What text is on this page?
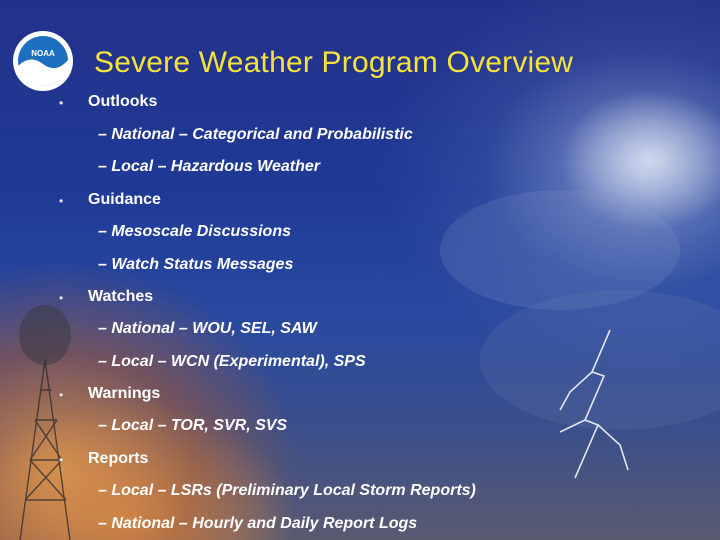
NOAA Severe Weather Program Overview
• Outlooks
– National – Categorical and Probabilistic
– Local – Hazardous Weather
• Guidance
– Mesoscale Discussions
– Watch Status Messages
• Watches
– National – WOU, SEL, SAW
– Local – WCN (Experimental), SPS
• Warnings
– Local – TOR, SVR, SVS
• Reports
– Local – LSRs (Preliminary Local Storm Reports)
– National – Hourly and Daily Report Logs
